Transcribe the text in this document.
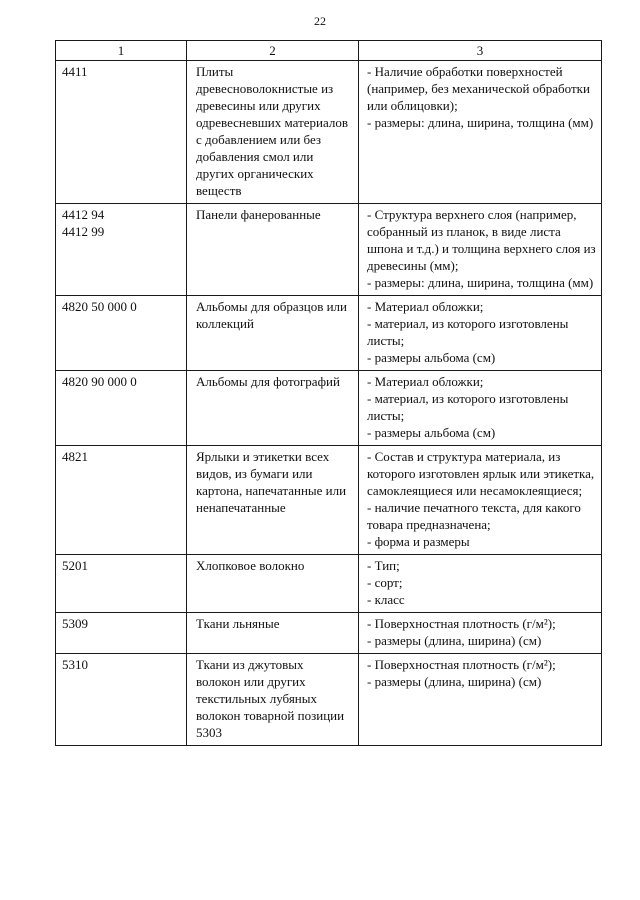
22
1	2	3

4411	Плиты древесноволокнистые из древесины или других одревесневших материалов с добавлением или без добавления смол или других органических веществ	- Наличие обработки поверхностей (например, без механической обработки или облицовки);
- размеры: длина, ширина, толщина (мм)

4412 94
4412 99	Панели фанерованные	- Структура верхнего слоя (например, собранный из планок, в виде листа шпона и т.д.) и толщина верхнего слоя из древесины (мм);
- размеры: длина, ширина, толщина (мм)

4820 50 000 0	Альбомы для образцов или коллекций	- Материал обложки;
- материал, из которого изготовлены листы;
- размеры альбома (см)

4820 90 000 0	Альбомы для фотографий	- Материал обложки;
- материал, из которого изготовлены листы;
- размеры альбома (см)

4821	Ярлыки и этикетки всех видов, из бумаги или картона, напечатанные или ненапечатанные	- Состав и структура материала, из которого изготовлен ярлык или этикетка, самоклеящиеся или несамоклеящиеся;
- наличие печатного текста, для какого товара предназначена;
- форма и размеры

5201	Хлопковое волокно	- Тип;
- сорт;
- класс

5309	Ткани льняные	- Поверхностная плотность (г/м²);
- размеры (длина, ширина) (см)

5310	Ткани из джутовых волокон или других текстильных лубяных волокон товарной позиции 5303	- Поверхностная плотность (г/м²);
- размеры (длина, ширина) (см)
